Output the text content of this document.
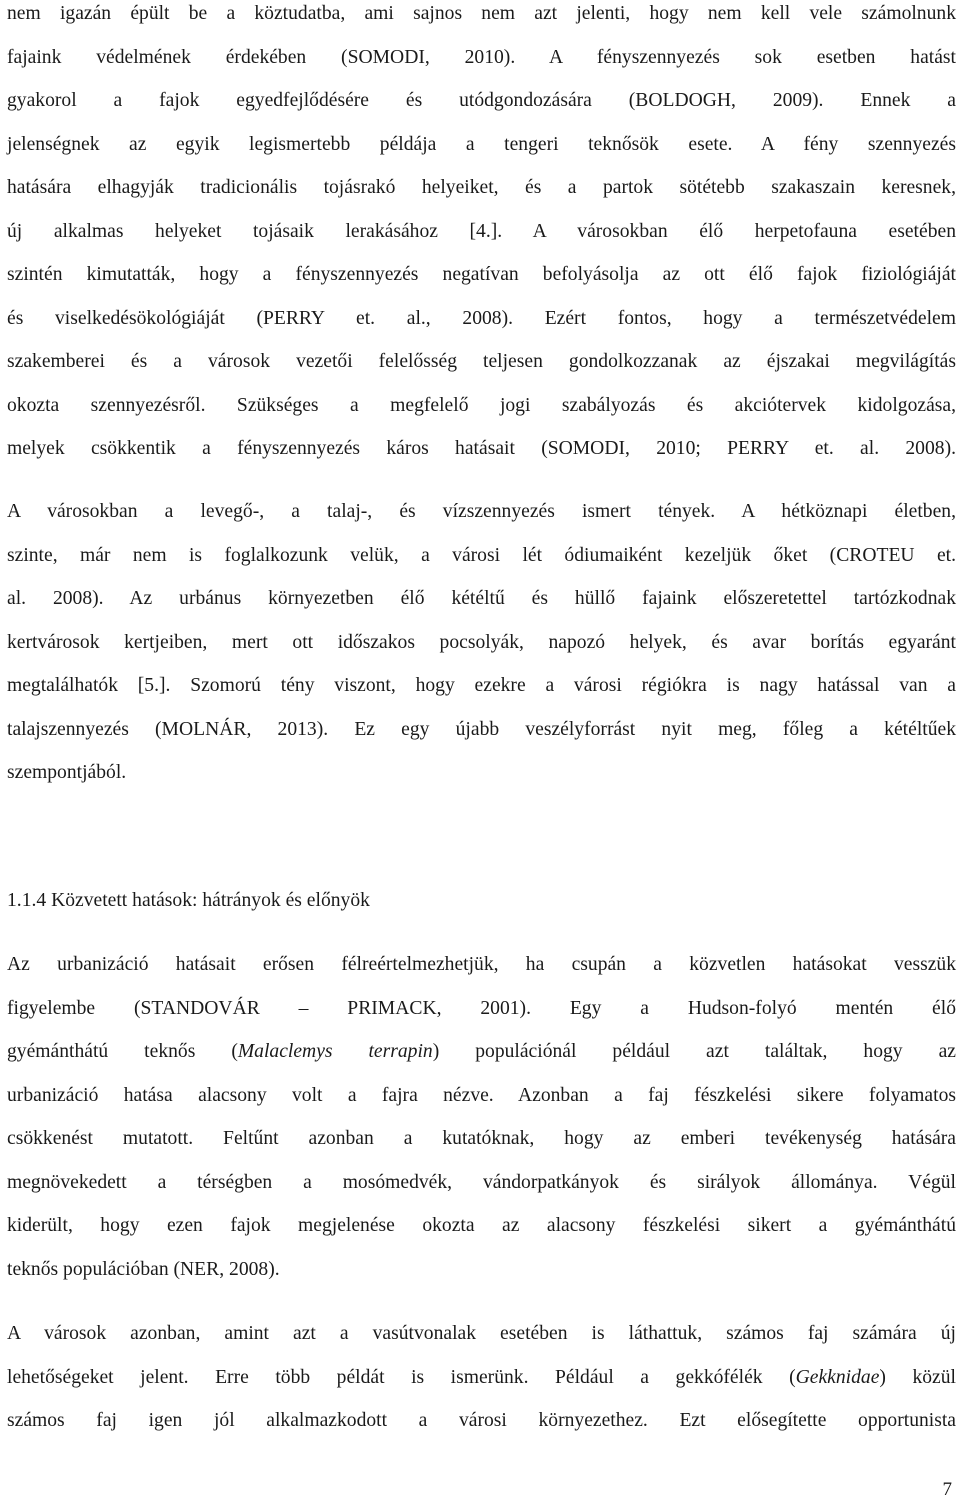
nem igazán épült be a köztudatba, ami sajnos nem azt jelenti, hogy nem kell vele számolnunk
fajaink védelmének érdekében (SOMODI, 2010). A fényszennyezés sok esetben hatást
gyakorol a fajok egyedfejlődésére és utódgondozására (BOLDOGH, 2009). Ennek a
jelenségnek az egyik legismertebb példája a tengeri teknősök esete. A fény szennyezés
hatására elhagyják tradicionális tojásrakó helyeiket, és a partok sötétebb szakaszain keresnek,
új alkalmas helyeket tojásaik lerakásához [4.]. A városokban élő herpetofauna esetében
szintén kimutatták, hogy a fényszennyezés negatívan befolyásolja az ott élő fajok fiziológiáját
és viselkedésökológiáját (PERRY et. al., 2008). Ezért fontos, hogy a természetvédelem
szakemberei és a városok vezetői felelősség teljesen gondolkozzanak az éjszakai megvilágítás
okozta szennyezésről. Szükséges a megfelelő jogi szabályozás és akciótervek kidolgozása,
melyek csökkentik a fényszennyezés káros hatásait (SOMODI, 2010; PERRY et. al. 2008).
A városokban a levegő-, a talaj-, és vízszennyezés ismert tények. A hétköznapi életben,
szinte, már nem is foglalkozunk velük, a városi lét ódiumaiként kezeljük őket (CROTEU et.
al. 2008). Az urbánus környezetben élő kétéltű és hüllő fajaink előszeretettel tartózkodnak
kertvárosok kertjeiben, mert ott időszakos pocsolyák, napozó helyek, és avar borítás egyaránt
megtalálhatók [5.]. Szomorú tény viszont, hogy ezekre a városi régiókra is nagy hatással van a
talajszennyezés (MOLNÁR, 2013). Ez egy újabb veszélyforrást nyit meg, főleg a kétéltűek
szempontjából.
1.1.4 Közvetett hatások: hátrányok és előnyök
Az urbanizáció hatásait erősen félreértelmezhetjük, ha csupán a közvetlen hatásokat vesszük
figyelembe (STANDOVÁR – PRIMACK, 2001). Egy a Hudson-folyó mentén élő
gyémánthátú teknős (Malaclemys terrapin) populációnál például azt találtak, hogy az
urbanizáció hatása alacsony volt a fajra nézve. Azonban a faj fészkelési sikere folyamatos
csökkenést mutatott. Feltűnt azonban a kutatóknak, hogy az emberi tevékenység hatására
megnövekedett a térségben a mosómedvék, vándorpatkányok és sirályok állománya. Végül
kiderült, hogy ezen fajok megjelenése okozta az alacsony fészkelési sikert a gyémánthátú
teknős populációban (NER, 2008).
A városok azonban, amint azt a vasútvonalak esetében is láthattuk, számos faj számára új
lehetőségeket jelent. Erre több példát is ismerünk. Például a gekkófélék (Gekknidae) közül
számos faj igen jól alkalmazkodott a városi környezethez. Ezt elősegítette opportunista
7
